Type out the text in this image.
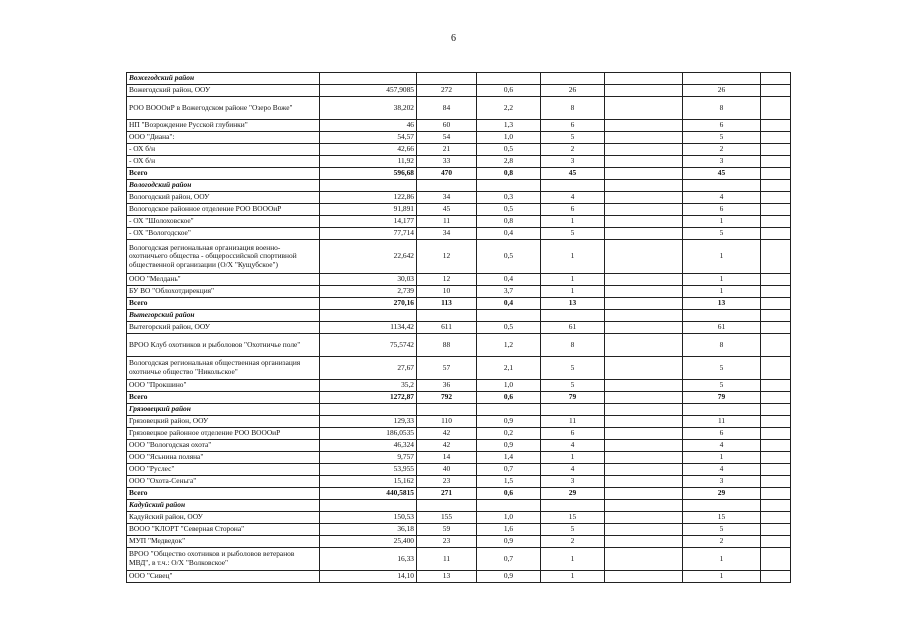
6
Вожегодский район							
Вожегодский район, ООУ	457,9085	272	0,6	26		26	
РОО ВОООиР в Вожегодском районе "Озеро Воже"	38,202	84	2,2	8		8	
НП "Возрождение Русской глубинки"	46	60	1,3	6		6	
ООО "Диана":	54,57	54	1,0	5		5	
- ОХ б/н	42,66	21	0,5	2		2	
- ОХ б/н	11,92	33	2,8	3		3	
Всего	596,68	470	0,8	45		45	
Вологодский район							
Вологодский район, ООУ	122,86	34	0,3	4		4	
Вологодское районное отделение РОО ВОООиР	91,891	45	0,5	6		6	
- ОХ "Шолоховское"	14,177	11	0,8	1		1	
- ОХ "Вологодское"	77,714	34	0,4	5		5	
Вологодская региональная организация военно-охотничьего общества - общероссийской спортивной общественной организации (О/Х "Кущубское")	22,642	12	0,5	1		1	
ООО "Мелдань"	30,03	12	0,4	1		1	
БУ ВО "Облохотдирекция"	2,739	10	3,7	1		1	
Всего	270,16	113	0,4	13		13	
Вытегорский район							
Вытегорский район, ООУ	1134,42	611	0,5	61		61	
ВРОО Клуб охотников и рыболовов "Охотничье поле"	75,5742	88	1,2	8		8	
Вологодская региональная общественная организация охотничье общество "Никольское"	27,67	57	2,1	5		5	
ООО "Прокшино"	35,2	36	1,0	5		5	
Всего	1272,87	792	0,6	79		79	
Грязовецкий район							
Грязовецкий район, ООУ	129,33	110	0,9	11		11	
Грязовецкое районное отделение РОО ВОООиР	186,0535	42	0,2	6		6	
ООО "Вологодская охота"	46,324	42	0,9	4		4	
ООО "Ясьнина поляна"	9,757	14	1,4	1		1	
ООО "Руслес"	53,955	40	0,7	4		4	
ООО "Охота-Сеньга"	15,162	23	1,5	3		3	
Всего	440,5815	271	0,6	29		29	
Кадуйский район							
Кадуйский район, ООУ	150,53	155	1,0	15		15	
ВООО "КЛОРТ "Северная Сторона"	36,18	59	1,6	5		5	
МУП "Медведок"	25,400	23	0,9	2		2	
ВРОО "Общество охотников и рыболовов ветеранов МВД", в т.ч.: О/Х "Волковское"	16,33	11	0,7	1		1	
ООО "Сивец"	14,10	13	0,9	1		1	
